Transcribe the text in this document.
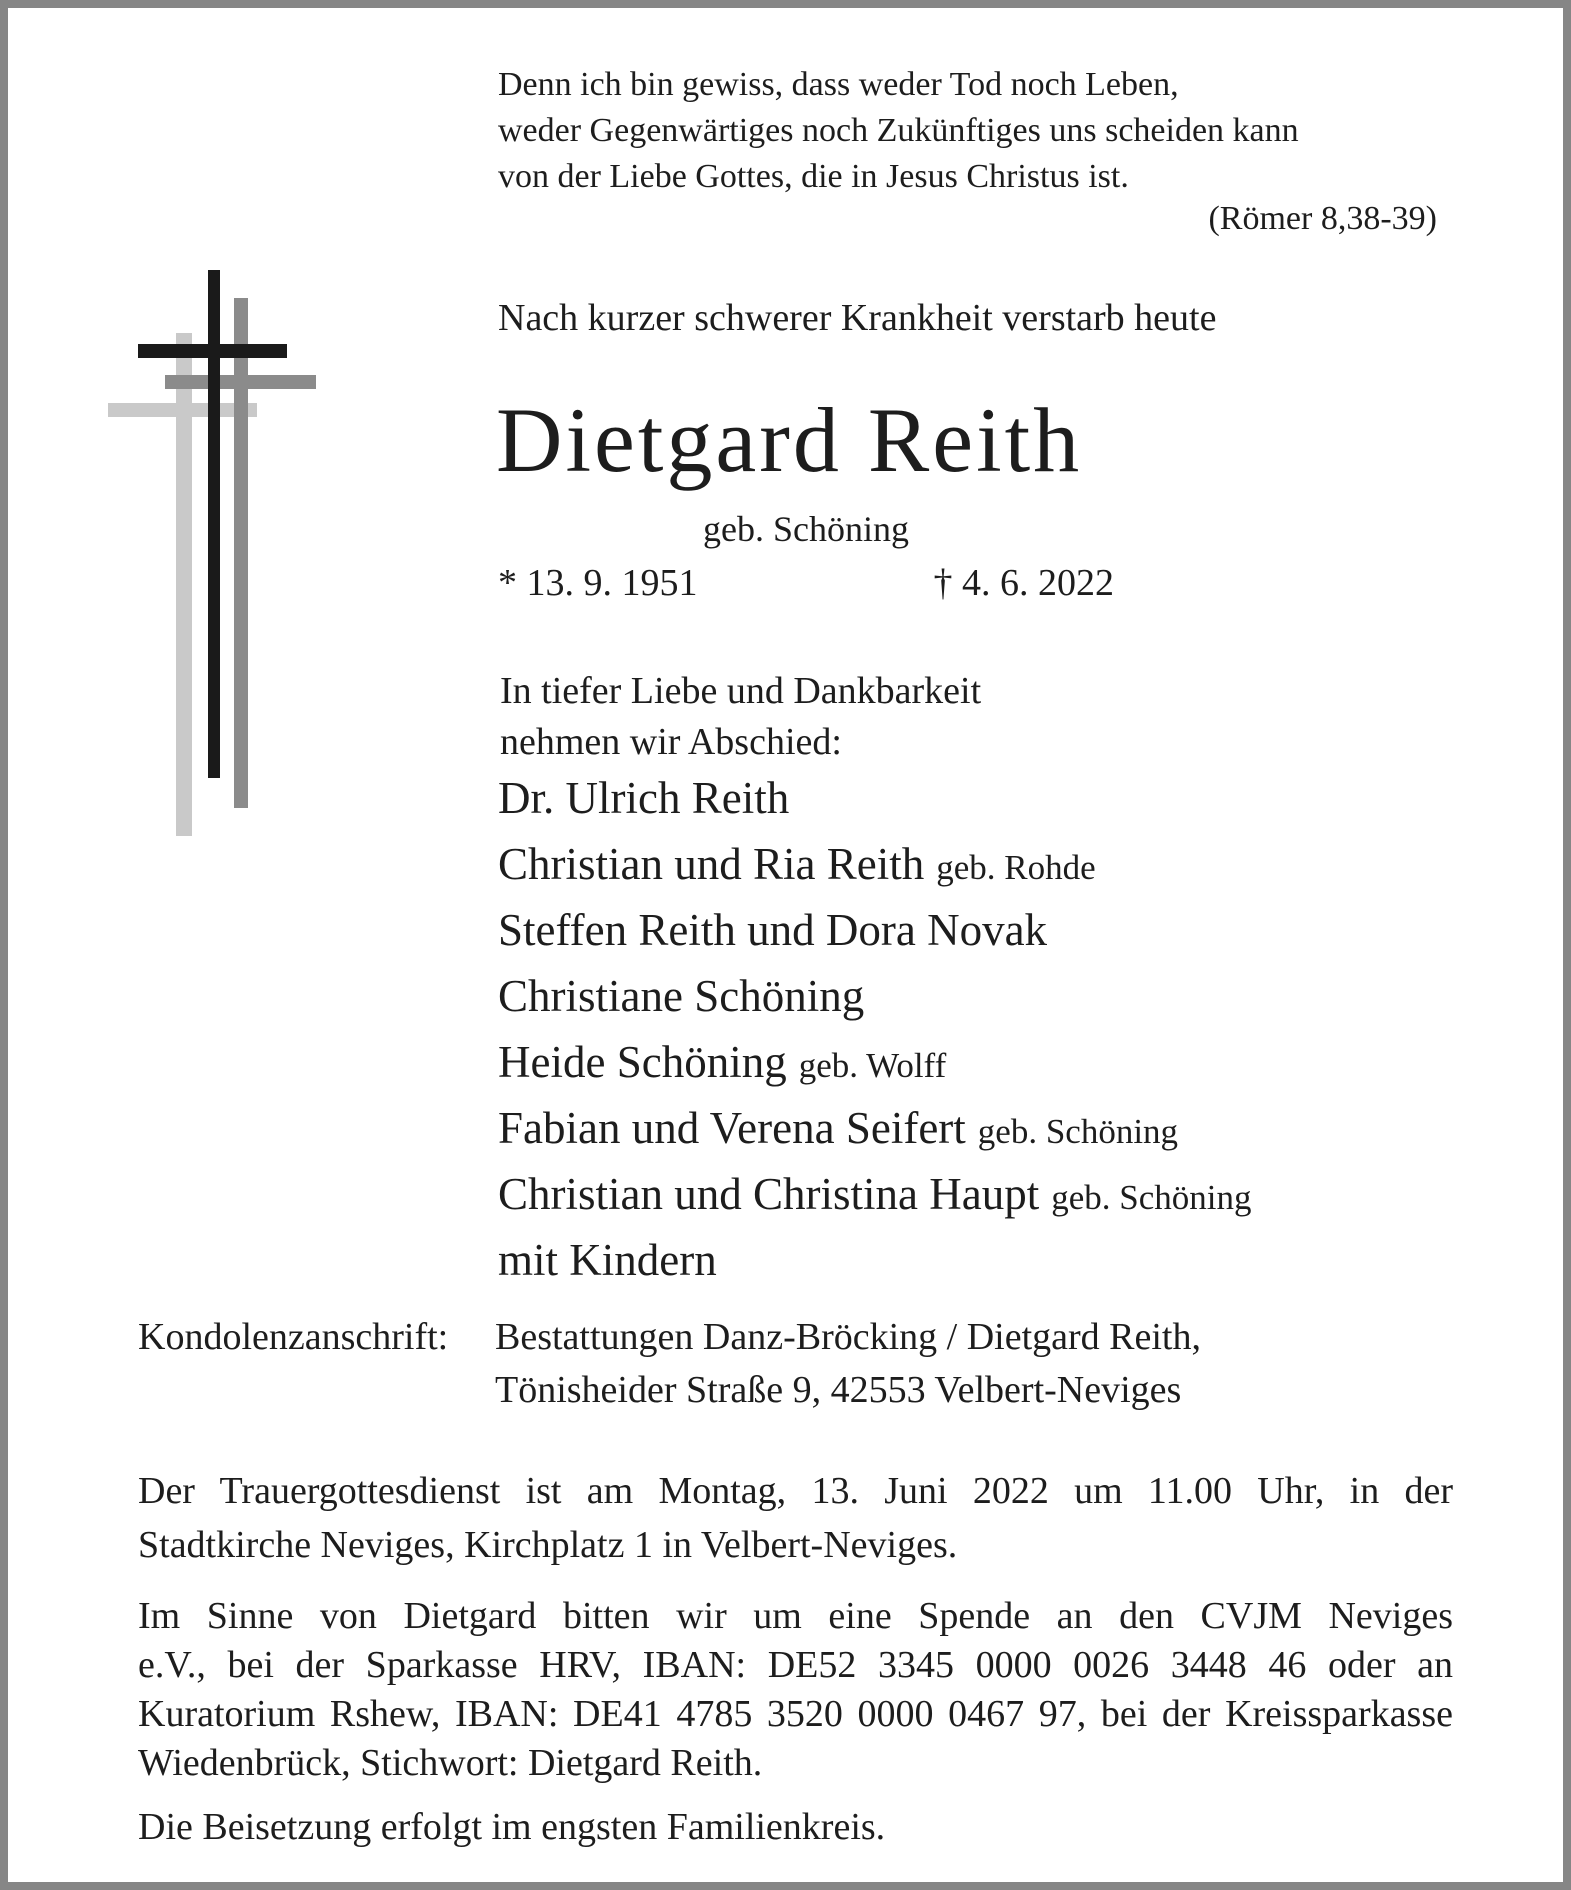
Denn ich bin gewiss, dass weder Tod noch Leben,
weder Gegenwärtiges noch Zukünftiges uns scheiden kann
von der Liebe Gottes, die in Jesus Christus ist.
(Römer 8,38-39)
Nach kurzer schwerer Krankheit verstarb heute
Dietgard Reith
geb. Schöning
* 13. 9. 1951	† 4. 6. 2022
In tiefer Liebe und Dankbarkeit
nehmen wir Abschied:
Dr. Ulrich Reith
Christian und Ria Reith geb. Rohde
Steffen Reith und Dora Novak
Christiane Schöning
Heide Schöning geb. Wolff
Fabian und Verena Seifert geb. Schöning
Christian und Christina Haupt geb. Schöning
mit Kindern
Kondolenzanschrift:	Bestattungen Danz-Bröcking / Dietgard Reith,
Tönisheider Straße 9, 42553 Velbert-Neviges
Der Trauergottesdienst ist am Montag, 13. Juni 2022 um 11.00 Uhr, in der
Stadtkirche Neviges, Kirchplatz 1 in Velbert-Neviges.
Im Sinne von Dietgard bitten wir um eine Spende an den CVJM Neviges
e.V., bei der Sparkasse HRV, IBAN: DE52 3345 0000 0026 3448 46 oder an
Kuratorium Rshew, IBAN: DE41 4785 3520 0000 0467 97, bei der Kreissparkasse
Wiedenbrück, Stichwort: Dietgard Reith.
Die Beisetzung erfolgt im engsten Familienkreis.
